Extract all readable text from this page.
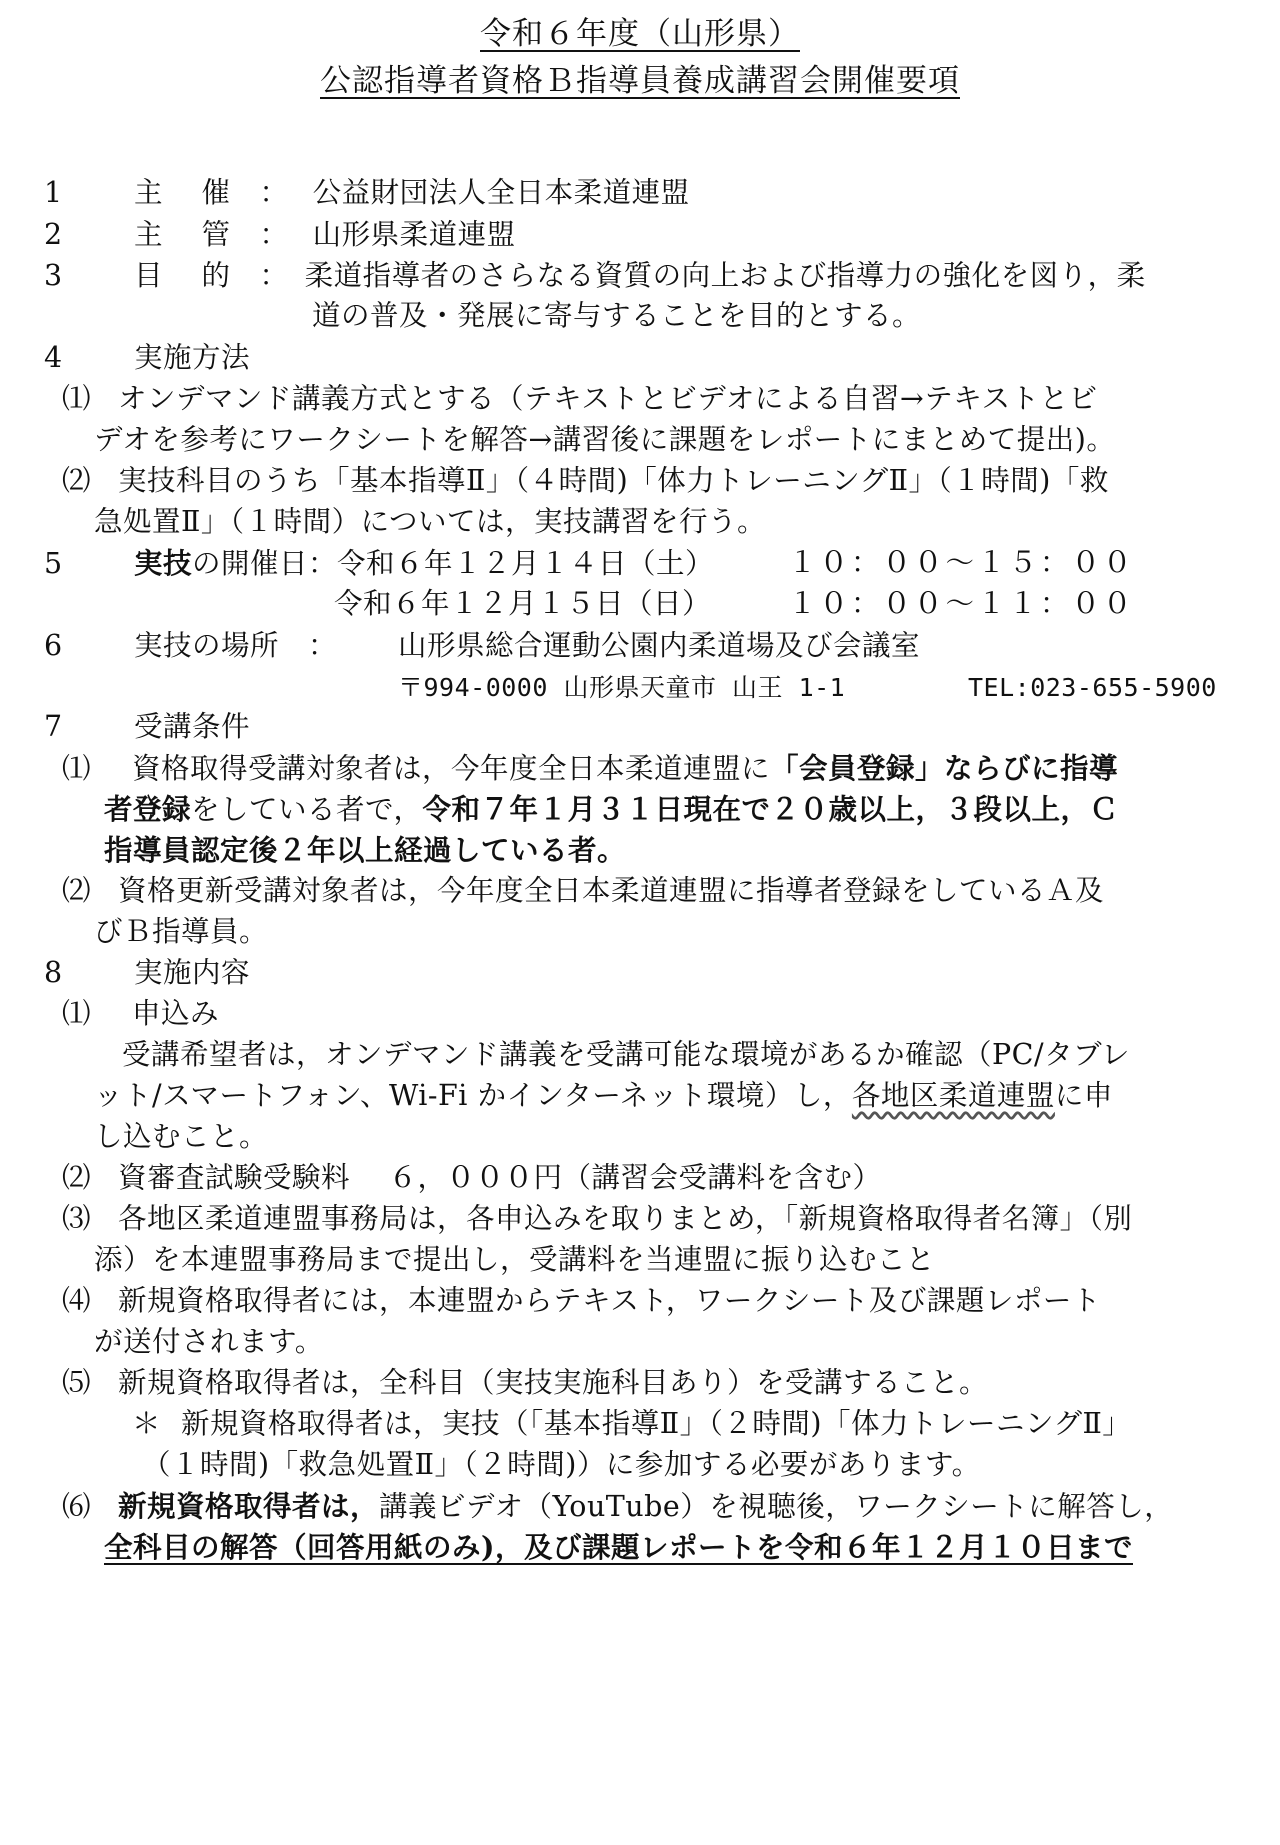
令和６年度（山形県）
公認指導者資格Ｂ指導員養成講習会開催要項
1	主　 催　： 公益財団法人全日本柔道連盟
2	主　 管　： 山形県柔道連盟
3	目　 的　： 柔道指導者のさらなる資質の向上および指導力の強化を図り，柔
道の普及・発展に寄与することを目的とする。
4	実施方法
⑴ オンデマンド講義方式とする（テキストとビデオによる自習→テキストとビ
デオを参考にワークシートを解答→講習後に課題をレポートにまとめて提出)。
⑵ 実技科目のうち「基本指導Ⅱ」（４時間)「体力トレーニングⅡ」（１時間)「救
急処置Ⅱ」（１時間）については，実技講習を行う。
5	実技の開催日：令和６年１２月１４日（土）	１０：００～１５：００
令和６年１２月１５日（日）	１０：００～１１：００
6	実技の場所　： 山形県総合運動公園内柔道場及び会議室
〒994-0000 山形県天童市 山王 1-1	TEL:023-655-5900
7	受講条件
⑴ 資格取得受講対象者は，今年度全日本柔道連盟に「会員登録」ならびに指導
者登録をしている者で，令和７年１月３１日現在で２０歳以上，３段以上，Ｃ
指導員認定後２年以上経過している者。
⑵ 資格更新受講対象者は，今年度全日本柔道連盟に指導者登録をしているＡ及
びＢ指導員。
8	実施内容
⑴ 申込み
受講希望者は，オンデマンド講義を受講可能な環境があるか確認（PC/タブレ
ット/スマートフォン、Wi-Fi かインターネット環境）し，各地区柔道連盟に申
し込むこと。
⑵ 資審査試験受験料　 ６，０００円（講習会受講料を含む）
⑶ 各地区柔道連盟事務局は，各申込みを取りまとめ，「新規資格取得者名簿」（別
添）を本連盟事務局まで提出し，受講料を当連盟に振り込むこと
⑷ 新規資格取得者には，本連盟からテキスト，ワークシート及び課題レポート
が送付されます。
⑸ 新規資格取得者は，全科目（実技実施科目あり）を受講すること。
＊ 新規資格取得者は，実技（「基本指導Ⅱ」（２時間)「体力トレーニングⅡ」
（１時間)「救急処置Ⅱ」（２時間)）に参加する必要があります。
⑹ 新規資格取得者は，講義ビデオ（YouTube）を視聴後，ワークシートに解答し，
全科目の解答（回答用紙のみ)，及び課題レポートを令和６年１２月１０日まで
